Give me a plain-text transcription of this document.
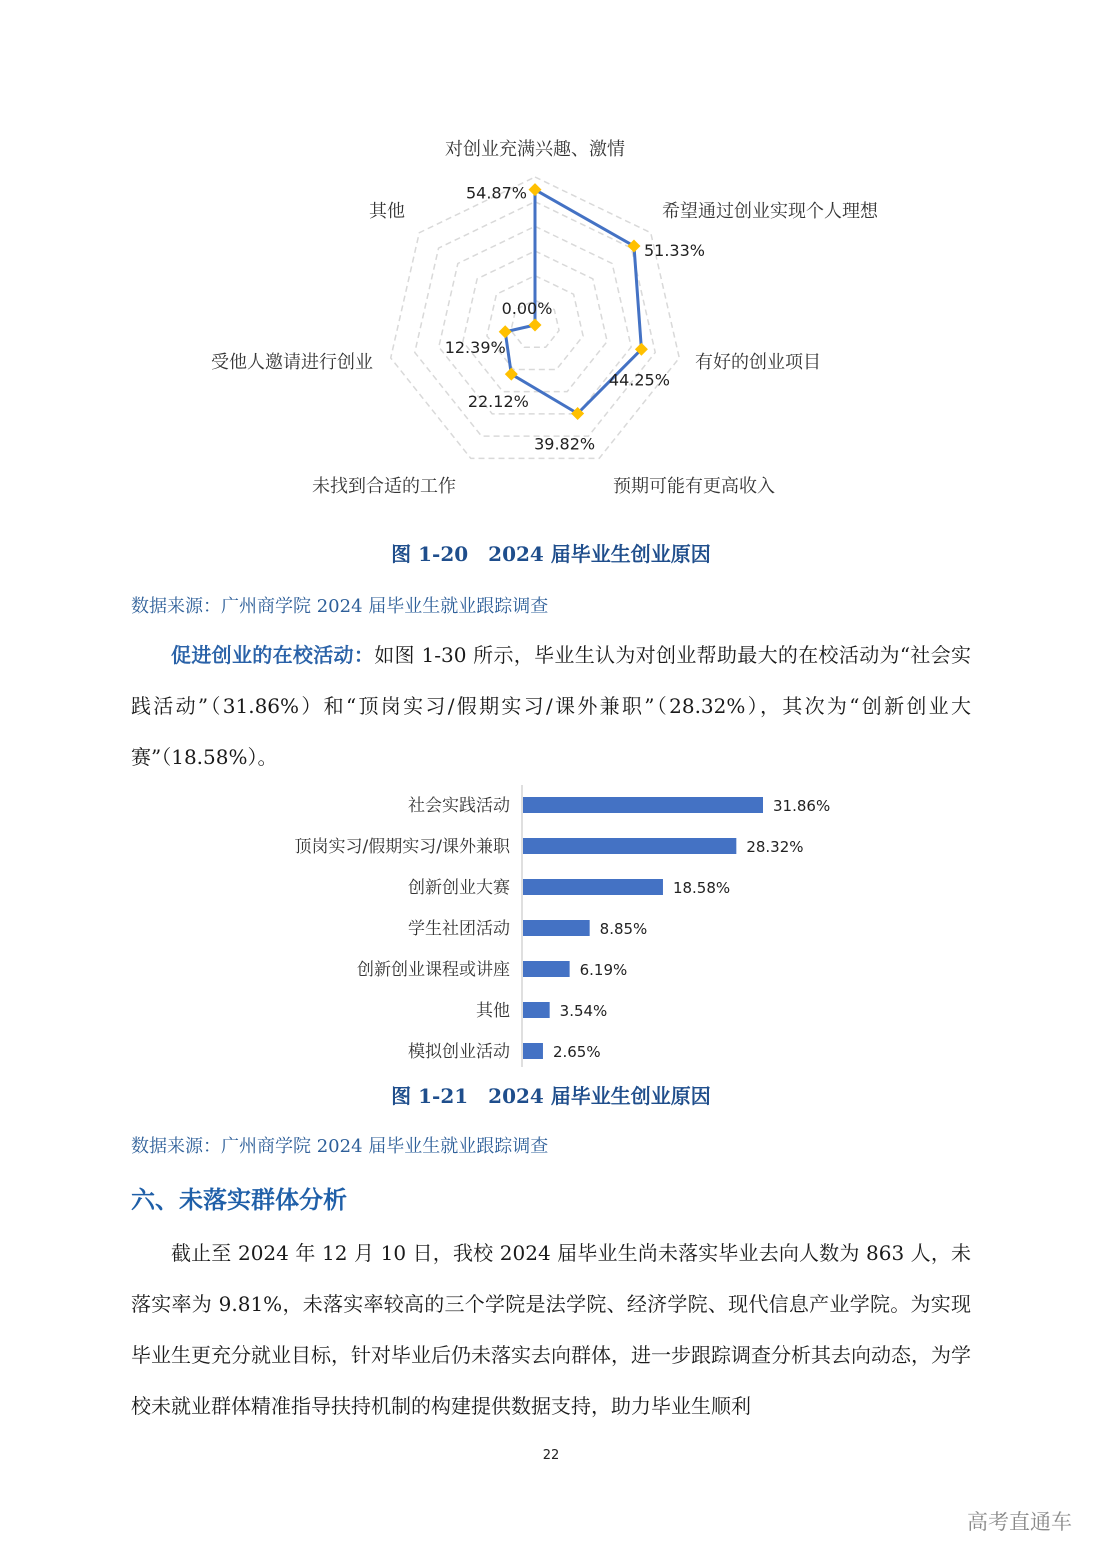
54.87%
51.33%
44.25%
39.82%
22.12%
12.39%
0.00%
对创业充满兴趣、激情
希望通过创业实现个人理想
有好的创业项目
预期可能有更高收入
未找到合适的工作
受他人邀请进行创业
其他
图 1-20　2024 届毕业生创业原因
数据来源：广州商学院 2024 届毕业生就业跟踪调查
促进创业的在校活动：如图 1-30 所示，毕业生认为对创业帮助最大的在校活动为“社会实践活动”（31.86%）和“顶岗实习/假期实习/课外兼职”（28.32%），其次为“创新创业大赛”（18.58%）。
社会实践活动	31.86%
顶岗实习/假期实习/课外兼职	28.32%
创新创业大赛	18.58%
学生社团活动	8.85%
创新创业课程或讲座	6.19%
其他	3.54%
模拟创业活动	2.65%
图 1-21　2024 届毕业生创业原因
数据来源：广州商学院 2024 届毕业生就业跟踪调查
六、未落实群体分析
截止至 2024 年 12 月 10 日，我校 2024 届毕业生尚未落实毕业去向人数为 863 人，未落实率为 9.81%，未落实率较高的三个学院是法学院、经济学院、现代信息产业学院。为实现毕业生更充分就业目标，针对毕业后仍未落实去向群体，进一步跟踪调查分析其去向动态，为学校未就业群体精准指导扶持机制的构建提供数据支持，助力毕业生顺利
22
高考直通车
